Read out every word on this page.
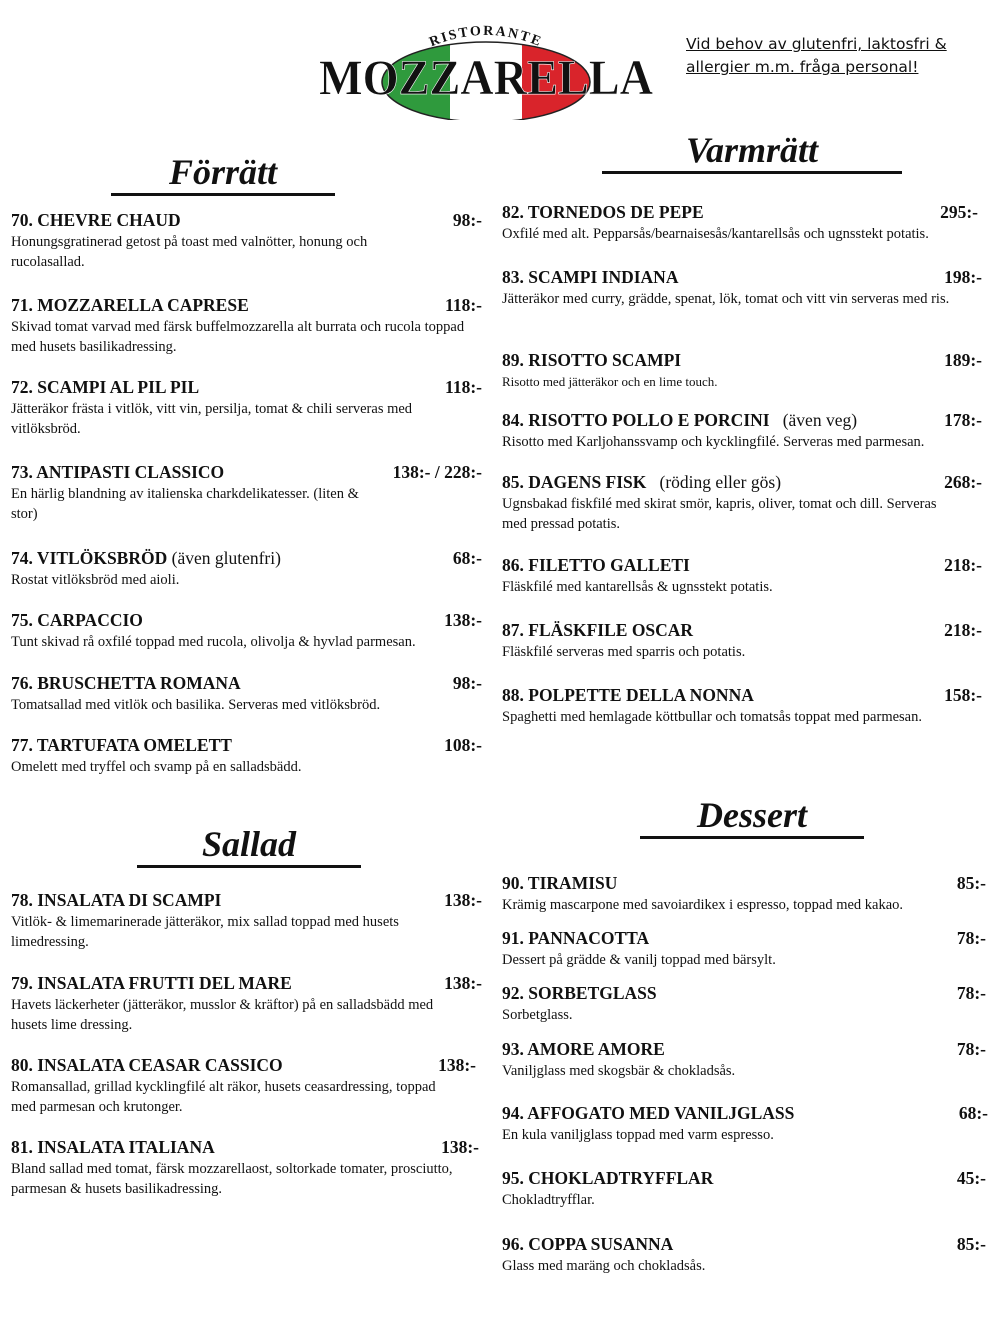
RISTORANTE
MOZZARELLA
Vid behov av glutenfri, laktosfri & allergier m.m. fråga personal!
Förrätt
Sallad
Varmrätt
Dessert
70. CHEVRE CHAUD	98:-
Honungsgratinerad getost på toast med valnötter, honung och rucolasallad.
71. MOZZARELLA CAPRESE	118:-
Skivad tomat varvad med färsk buffelmozzarella alt burrata och rucola toppad med husets basilikadressing.
72. SCAMPI AL PIL PIL	118:-
Jätteräkor frästa i vitlök, vitt vin, persilja, tomat & chili serveras med vitlöksbröd.
73. ANTIPASTI CLASSICO	138:- / 228:-
En härlig blandning av italienska charkdelikatesser. (liten & stor)
74. VITLÖKSBRÖD (även glutenfri)	68:-
Rostat vitlöksbröd med aioli.
75. CARPACCIO	138:-
Tunt skivad rå oxfilé toppad med rucola, olivolja & hyvlad parmesan.
76. BRUSCHETTA ROMANA	98:-
Tomatsallad med vitlök och basilika. Serveras med vitlöksbröd.
77. TARTUFATA OMELETT	108:-
Omelett med tryffel och svamp på en salladsbädd.
78. INSALATA DI SCAMPI	138:-
Vitlök- & limemarinerade jätteräkor, mix sallad toppad med husets limedressing.
79. INSALATA FRUTTI DEL MARE	138:-
Havets läckerheter (jätteräkor, musslor & kräftor) på en salladsbädd med husets lime dressing.
80. INSALATA CEASAR CASSICO	138:-
Romansallad, grillad kycklingfilé alt räkor, husets ceasardressing, toppad med parmesan och krutonger.
81. INSALATA ITALIANA	138:-
Bland sallad med tomat, färsk mozzarellaost, soltorkade tomater, prosciutto, parmesan & husets basilikadressing.
82. TORNEDOS DE PEPE	295:-
Oxfilé med alt. Pepparsås/bearnaisesås/kantarellsås och ugnsstekt potatis.
83. SCAMPI INDIANA	198:-
Jätteräkor med curry, grädde, spenat, lök, tomat och vitt vin serveras med ris.
89. RISOTTO SCAMPI	189:-
Risotto med jätteräkor och en lime touch.
84. RISOTTO POLLO E PORCINI   (även veg)	178:-
Risotto med Karljohanssvamp och kycklingfilé. Serveras med parmesan.
85. DAGENS FISK   (röding eller gös)	268:-
Ugnsbakad fiskfilé med skirat smör, kapris, oliver, tomat och dill. Serveras med pressad potatis.
86. FILETTO GALLETI	218:-
Fläskfilé med kantarellsås & ugnsstekt potatis.
87. FLÄSKFILE OSCAR	218:-
Fläskfilé serveras med sparris och potatis.
88. POLPETTE DELLA NONNA	158:-
Spaghetti med hemlagade köttbullar och tomatsås toppat med parmesan.
90. TIRAMISU	85:-
Krämig mascarpone med savoiardikex i espresso, toppad med kakao.
91. PANNACOTTA	78:-
Dessert på grädde & vanilj toppad med bärsylt.
92. SORBETGLASS	78:-
Sorbetglass.
93. AMORE AMORE	78:-
Vaniljglass med skogsbär & chokladsås.
94. AFFOGATO MED VANILJGLASS	68:-
En kula vaniljglass toppad med varm espresso.
95. CHOKLADTRYFFLAR	45:-
Chokladtryfflar.
96. COPPA SUSANNA	85:-
Glass med maräng och chokladsås.
